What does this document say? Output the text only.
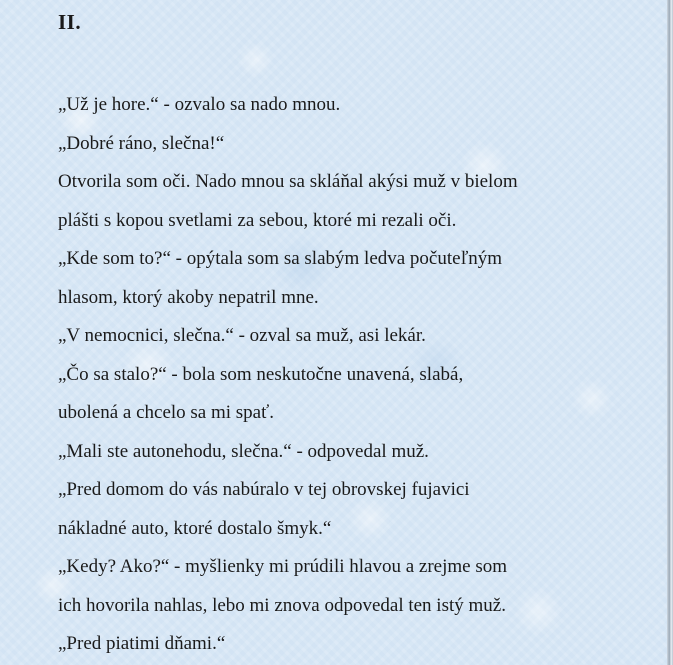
II.

„Už je hore.“ - ozvalo sa nado mnou.

„Dobré ráno, slečna!“

Otvorila som oči. Nado mnou sa skláňal akýsi muž v bielom

plášti s kopou svetlami za sebou, ktoré mi rezali oči.

„Kde som to?“ - opýtala som sa slabým ledva počuteľným

hlasom, ktorý akoby nepatril mne.

„V nemocnici, slečna.“ - ozval sa muž, asi lekár.

„Čo sa stalo?“ - bola som neskutočne unavená, slabá,

ubolená a chcelo sa mi spať.

„Mali ste autonehodu, slečna.“ - odpovedal muž.

„Pred domom do vás nabúralo v tej obrovskej fujavici

nákladné auto, ktoré dostalo šmyk.“

„Kedy? Ako?“ - myšlienky mi prúdili hlavou a zrejme som

ich hovorila nahlas, lebo mi znova odpovedal ten istý muž.

„Pred piatimi dňami.“
